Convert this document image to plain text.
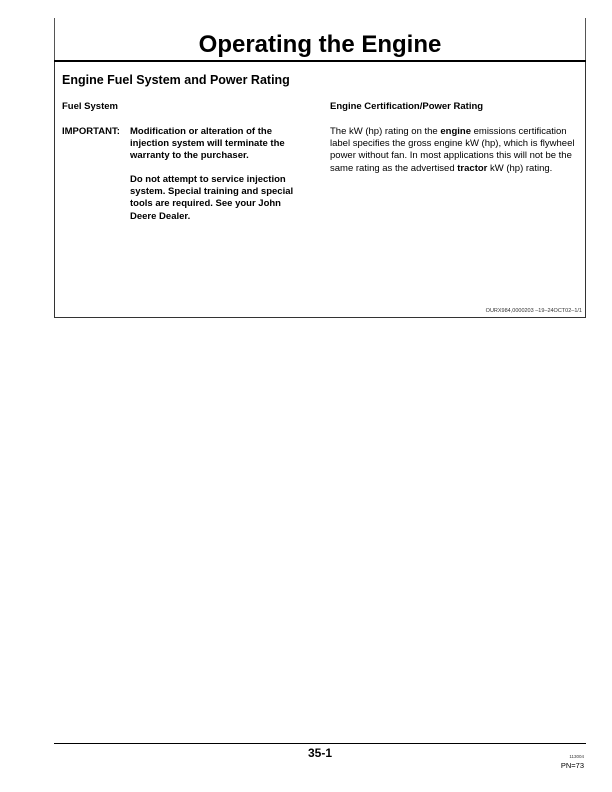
Operating the Engine
Engine Fuel System and Power Rating
Fuel System
IMPORTANT: Modification or alteration of the injection system will terminate the warranty to the purchaser.

Do not attempt to service injection system. Special training and special tools are required. See your John Deere Dealer.

Engine Certification/Power Rating

The kW (hp) rating on the engine emissions certification label specifies the gross engine kW (hp), which is flywheel power without fan. In most applications this will not be the same rating as the advertised tractor kW (hp) rating.

OURX984,0000203 –19–24OCT02–1/1
35-1	113004
PN=73
